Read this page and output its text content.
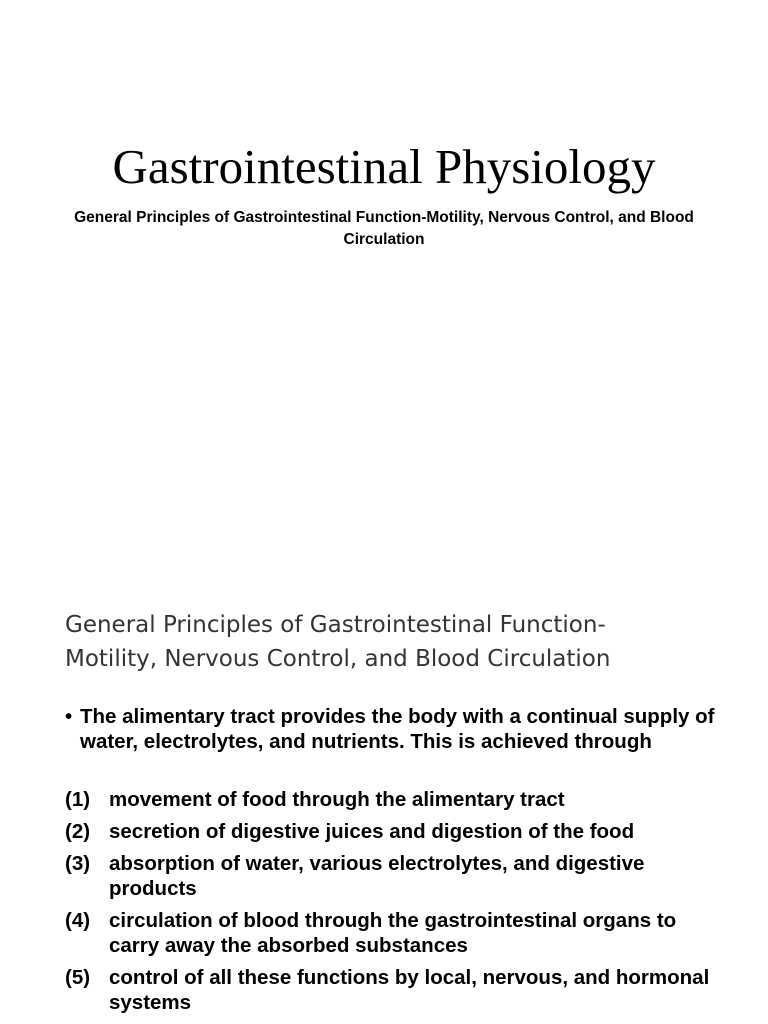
Gastrointestinal Physiology

General Principles of Gastrointestinal Function-Motility, Nervous Control, and Blood Circulation

General Principles of Gastrointestinal Function-
Motility, Nervous Control, and Blood Circulation
• The alimentary tract provides the body with a continual supply of water, electrolytes, and nutrients. This is achieved through
(1) movement of food through the alimentary tract
(2) secretion of digestive juices and digestion of the food
(3) absorption of water, various electrolytes, and digestive products
(4) circulation of blood through the gastrointestinal organs to carry away the absorbed substances
(5) control of all these functions by local, nervous, and hormonal systems
